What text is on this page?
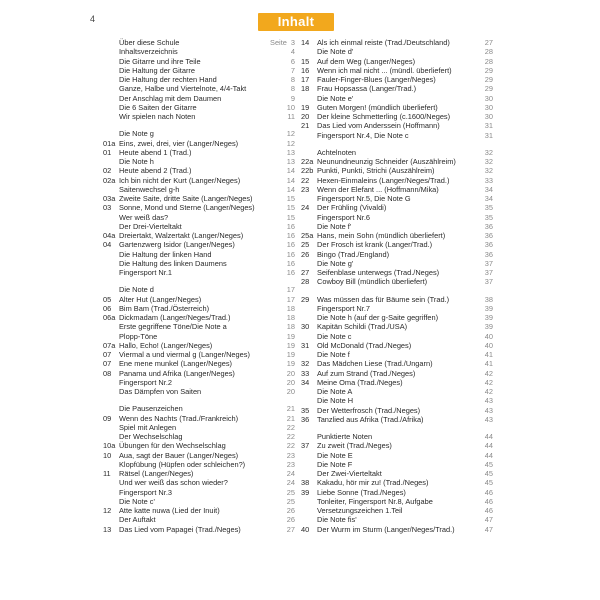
4	Inhalt
Über diese Schule	Seite 3
Inhaltsverzeichnis	4
Die Gitarre und ihre Teile	6
Die Haltung der Gitarre	7
Die Haltung der rechten Hand	8
Ganze, Halbe und Viertelnote, 4/4-Takt	8
Der Anschlag mit dem Daumen	9
Die 6 Saiten der Gitarre	10
Wir spielen nach Noten	11
Die Note g	12
01a Eins, zwei, drei, vier (Langer/Neges)	12
01 Heute abend 1 (Trad.)	13
Die Note h	13
02 Heute abend 2 (Trad.)	14
02a Ich bin nicht der Kurt (Langer/Neges)	14
Saitenwechsel g-h	14
03a Zweite Saite, dritte Saite (Langer/Neges)	15
03 Sonne, Mond und Sterne (Langer/Neges)	15
Wer weiß das?	15
Der Drei-Vierteltakt	16
04a Dreiertakt, Walzertakt (Langer/Neges)	16
04 Gartenzwerg Isidor (Langer/Neges)	16
Die Haltung der linken Hand	16
Die Haltung des linken Daumens	16
Fingersport Nr.1	16
Die Note d	17
05 Alter Hut (Langer/Neges)	17
06 Bim Bam (Trad./Österreich)	18
06a Dickmadam (Langer/Neges/Trad.)	18
Erste gegriffene Töne/Die Note a	18
Plopp-Töne	19
07a Hallo, Echo! (Langer/Neges)	19
07 Viermal a und viermal g (Langer/Neges)	19
07 Ene mene munkel (Langer/Neges)	19
08 Panama und Afrika (Langer/Neges)	20
Fingersport Nr.2	20
Das Dämpfen von Saiten	20
Die Pausenzeichen	21
09 Wenn des Nachts (Trad./Frankreich)	21
Spiel mit Anlegen	22
Der Wechselschlag	22
10a Übungen für den Wechselschlag	22
10 Aua, sagt der Bauer (Langer/Neges)	23
Klopfübung (Hüpfen oder schleichen?)	23
11 Rätsel (Langer/Neges)	24
Und wer weiß das schon wieder?	24
Fingersport Nr.3	25
Die Note c'	25
12 Atte katte nuwa (Lied der Inuit)	26
Der Auftakt	26
13 Das Lied vom Papagei (Trad./Neges)	27
14 Als ich einmal reiste (Trad./Deutschland)	27
Die Note d'	28
15 Auf dem Weg (Langer/Neges)	28
16 Wenn ich mal nicht ... (mündl. überliefert)	29
17 Fauler-Finger-Blues (Langer/Neges)	29
18 Frau Hopsassa (Langer/Trad.)	29
Die Note e'	30
19 Guten Morgen! (mündlich überliefert)	30
20 Der kleine Schmetterling (c.1600/Neges)	30
21 Das Lied vom Anderssein (Hoffmann)	31
Fingersport Nr.4, Die Note c	31
Achtelnoten	32
22a Neunundneunzig Schneider (Auszählreim)	32
22b Punkti, Punkti, Strichi (Auszählreim)	32
22 Hexen-Einmaleins (Langer/Neges/Trad.)	33
23 Wenn der Elefant ... (Hoffmann/Mika)	34
Fingersport Nr.5, Die Note G	34
24 Der Frühling (Vivaldi)	35
Fingersport Nr.6	35
Die Note f'	36
25a Hans, mein Sohn (mündlich überliefert)	36
25 Der Frosch ist krank (Langer/Trad.)	36
26 Bingo (Trad./England)	36
Die Note g'	37
27 Seifenblase unterwegs (Trad./Neges)	37
28 Cowboy Bill (mündlich überliefert)	37
29 Was müssen das für Bäume sein (Trad.)	38
Fingersport Nr.7	39
Die Note h (auf der g-Saite gegriffen)	39
30 Kapitän Schildi (Trad./USA)	39
Die Note c	40
31 Old McDonald (Trad./Neges)	40
Die Note f	41
32 Das Mädchen Liese (Trad./Ungarn)	41
33 Auf zum Strand (Trad./Neges)	42
34 Meine Oma (Trad./Neges)	42
Die Note A	42
Die Note H	43
35 Der Wetterfrosch (Trad./Neges)	43
36 Tanzlied aus Afrika (Trad./Afrika)	43
Punktierte Noten	44
37 Zu zweit (Trad./Neges)	44
Die Note E	44
Die Note F	45
Der Zwei-Vierteltakt	45
38 Kakadu, hör mir zu! (Trad./Neges)	45
39 Liebe Sonne (Trad./Neges)	46
Tonleiter, Fingersport Nr.8, Aufgabe	46
Versetzungszeichen 1.Teil	46
Die Note fis'	47
40 Der Wurm im Sturm (Langer/Neges/Trad.)	47
